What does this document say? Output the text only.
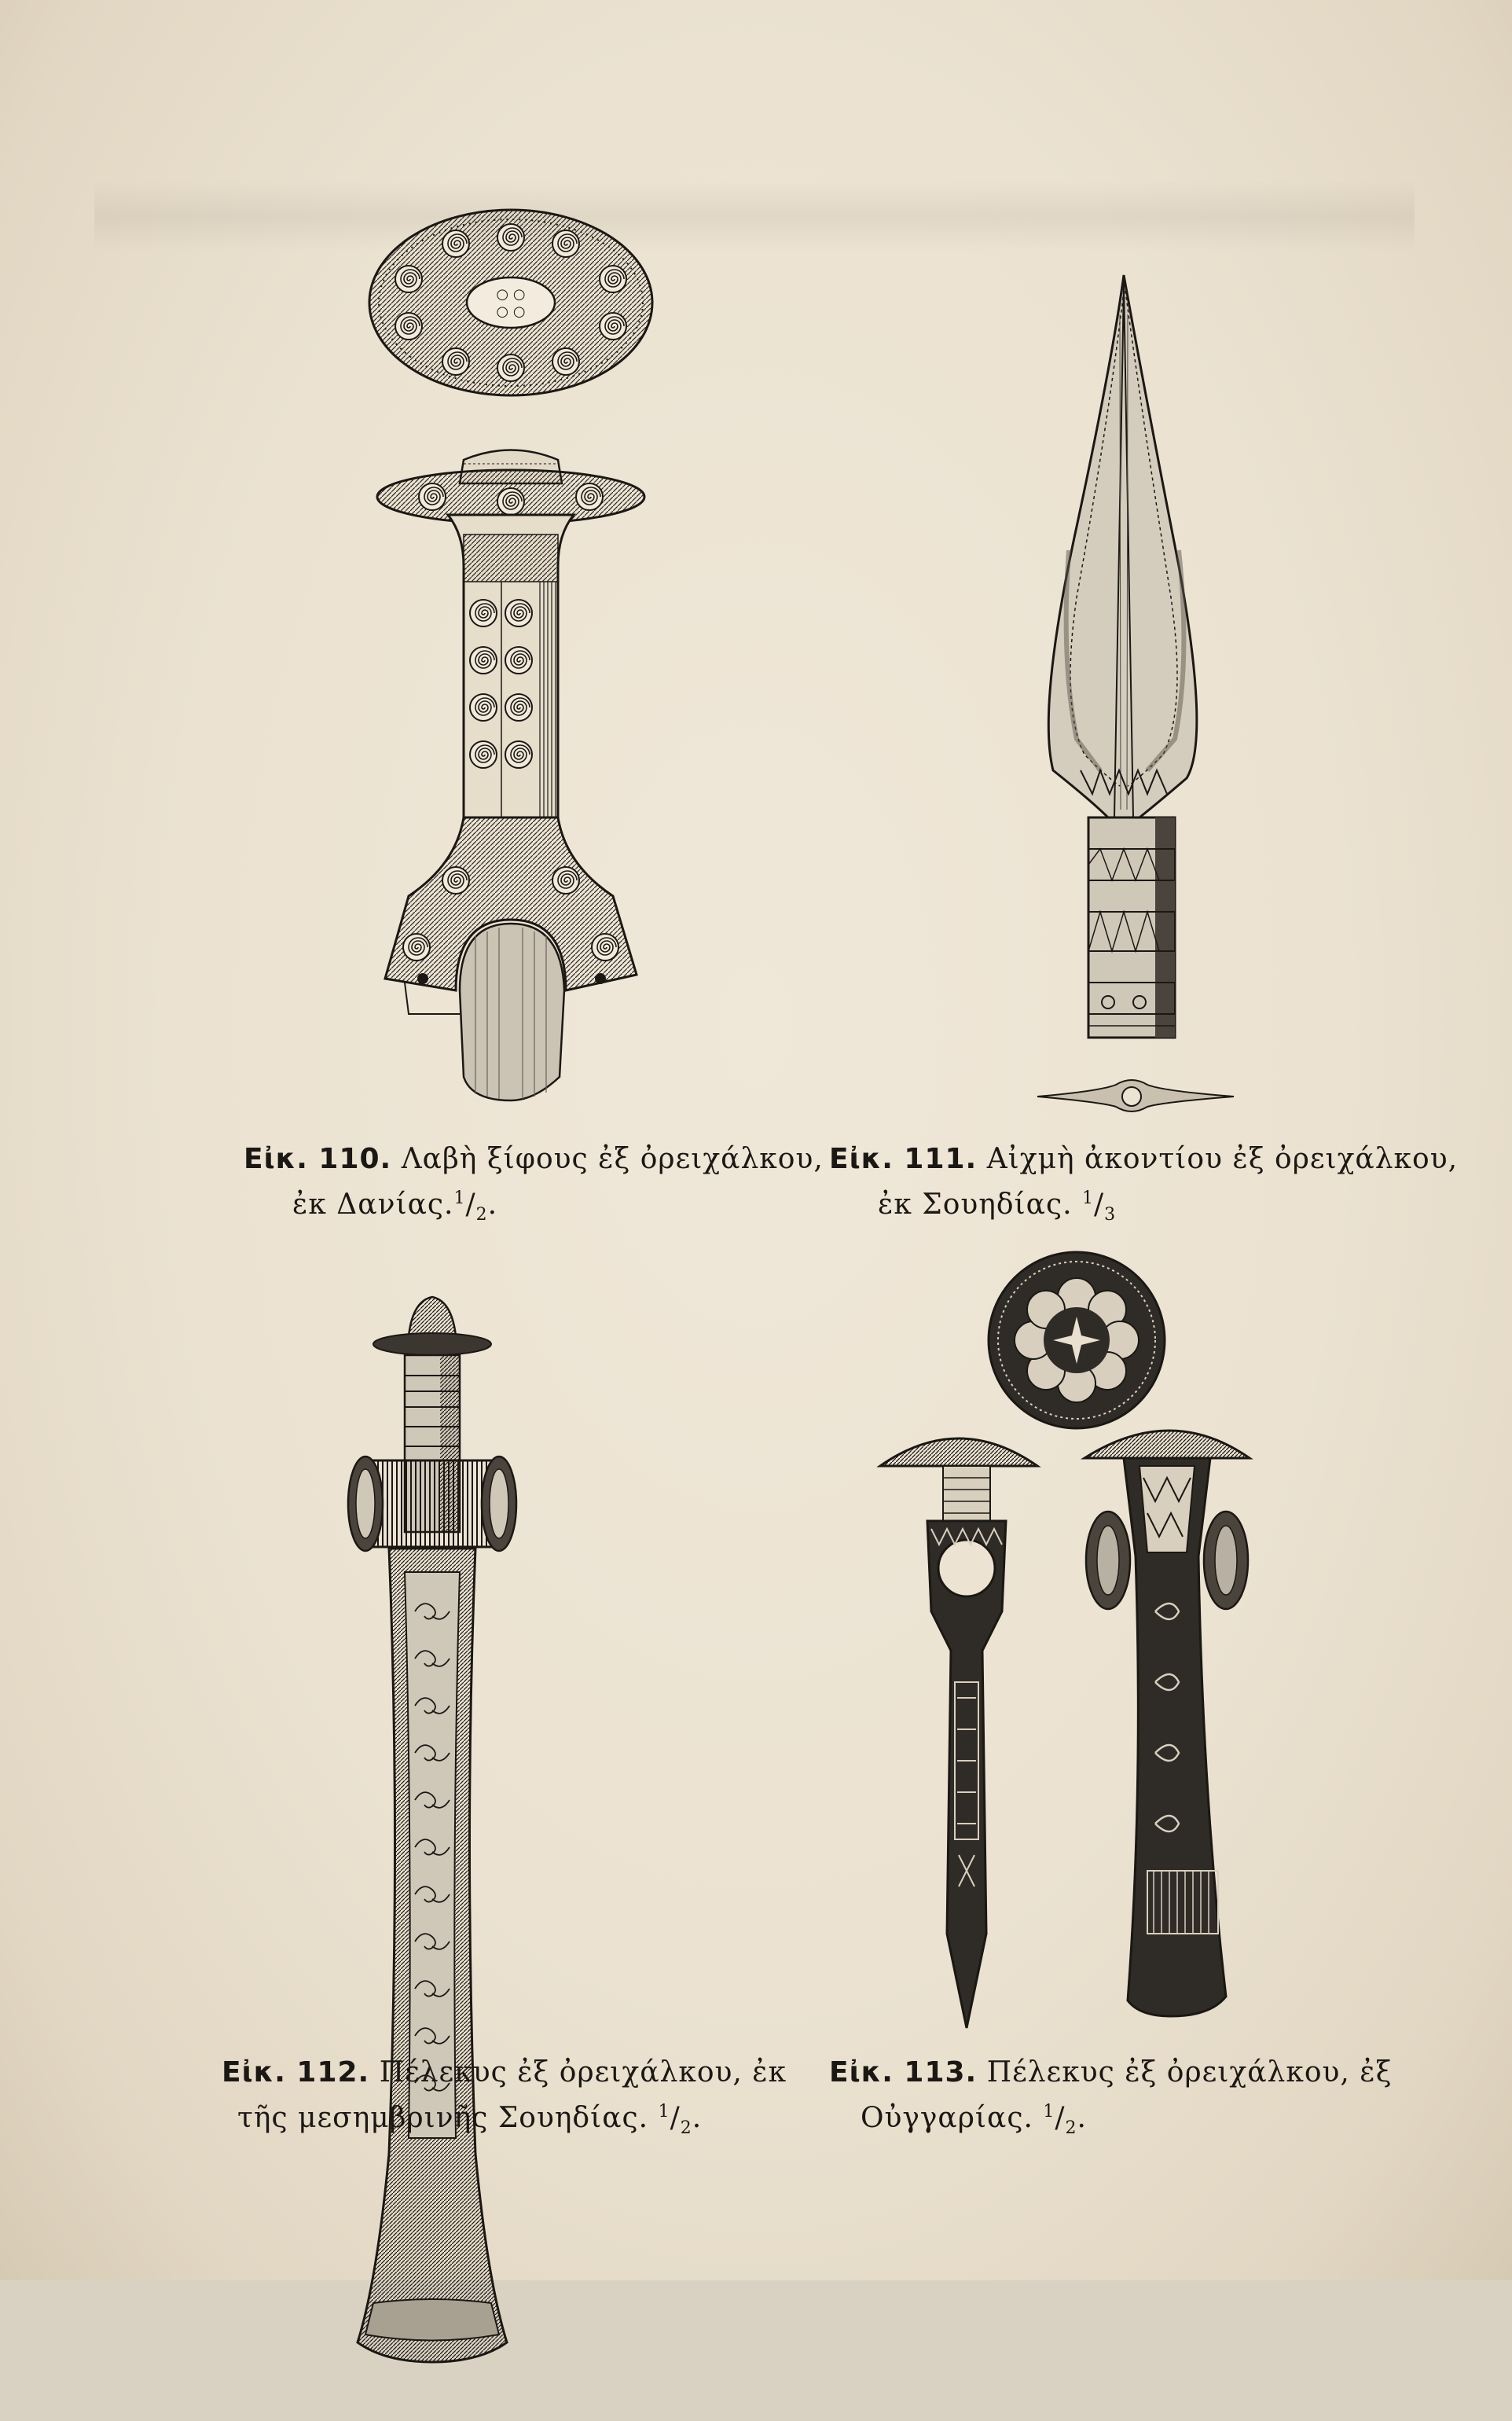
○ ○
○ ○
Εἰκ. 110. Λαβὴ ξίφους ἐξ ὀρειχάλκου,
ἐκ $\Delta\alpha\nu ί\alpha\varsigma.^1/_2$.
Εἰκ. 111. Αἰχμὴ ἀκοντίου ἐξ ὀρειχάλκου,
ἐκ Σουηδίας. $^1/_3$
Εἰκ. 112. Πέλεκυς ἐξ ὀρειχάλκου, ἐκ
τῆς μεσημβρινῆς Σουηδίας. $^1/_2$.
Εἰκ. 113. Πέλεκυς ἐξ ὀρειχάλκου, ἐξ
Οὐγγαρίας. $^1/_2$.
